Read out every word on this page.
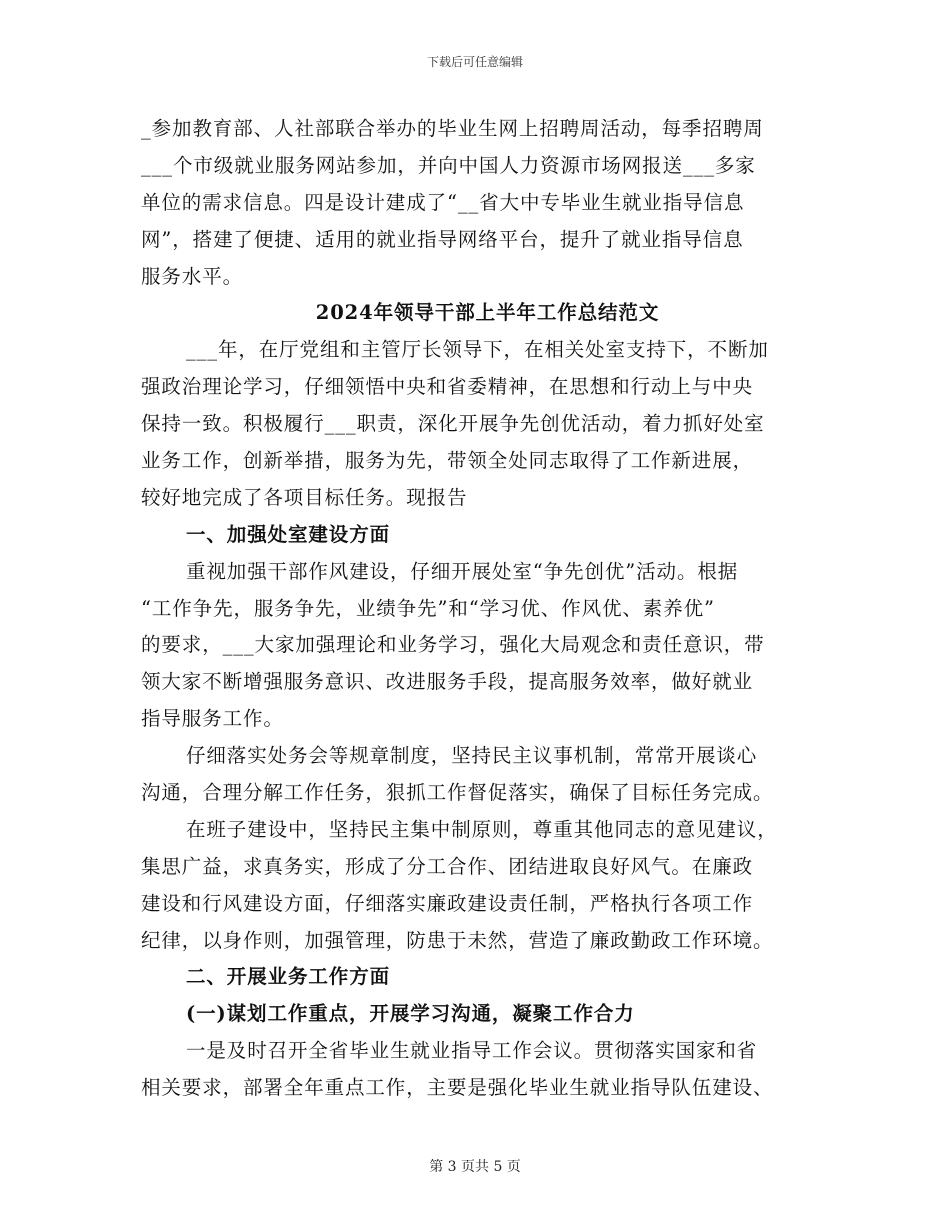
下载后可任意编辑
_参加教育部、人社部联合举办的毕业生网上招聘周活动，每季招聘周
___个市级就业服务网站参加，并向中国人力资源市场网报送___多家
单位的需求信息。四是设计建成了“__省大中专毕业生就业指导信息
网”，搭建了便捷、适用的就业指导网络平台，提升了就业指导信息
服务水平。
2024年领导干部上半年工作总结范文
___年，在厅党组和主管厅长领导下，在相关处室支持下，不断加
强政治理论学习，仔细领悟中央和省委精神，在思想和行动上与中央
保持一致。积极履行___职责，深化开展争先创优活动，着力抓好处室
业务工作，创新举措，服务为先，带领全处同志取得了工作新进展，
较好地完成了各项目标任务。现报告
一、加强处室建设方面
重视加强干部作风建设，仔细开展处室“争先创优”活动。根据
“工作争先，服务争先，业绩争先”和“学习优、作风优、素养优”
的要求，___大家加强理论和业务学习，强化大局观念和责任意识，带
领大家不断增强服务意识、改进服务手段，提高服务效率，做好就业
指导服务工作。
仔细落实处务会等规章制度，坚持民主议事机制，常常开展谈心
沟通，合理分解工作任务，狠抓工作督促落实，确保了目标任务完成。
在班子建设中，坚持民主集中制原则，尊重其他同志的意见建议，
集思广益，求真务实，形成了分工合作、团结进取良好风气。在廉政
建设和行风建设方面，仔细落实廉政建设责任制，严格执行各项工作
纪律，以身作则，加强管理，防患于未然，营造了廉政勤政工作环境。
二、开展业务工作方面
(一)谋划工作重点，开展学习沟通，凝聚工作合力
一是及时召开全省毕业生就业指导工作会议。贯彻落实国家和省
相关要求，部署全年重点工作，主要是强化毕业生就业指导队伍建设、
第 3 页共 5 页
